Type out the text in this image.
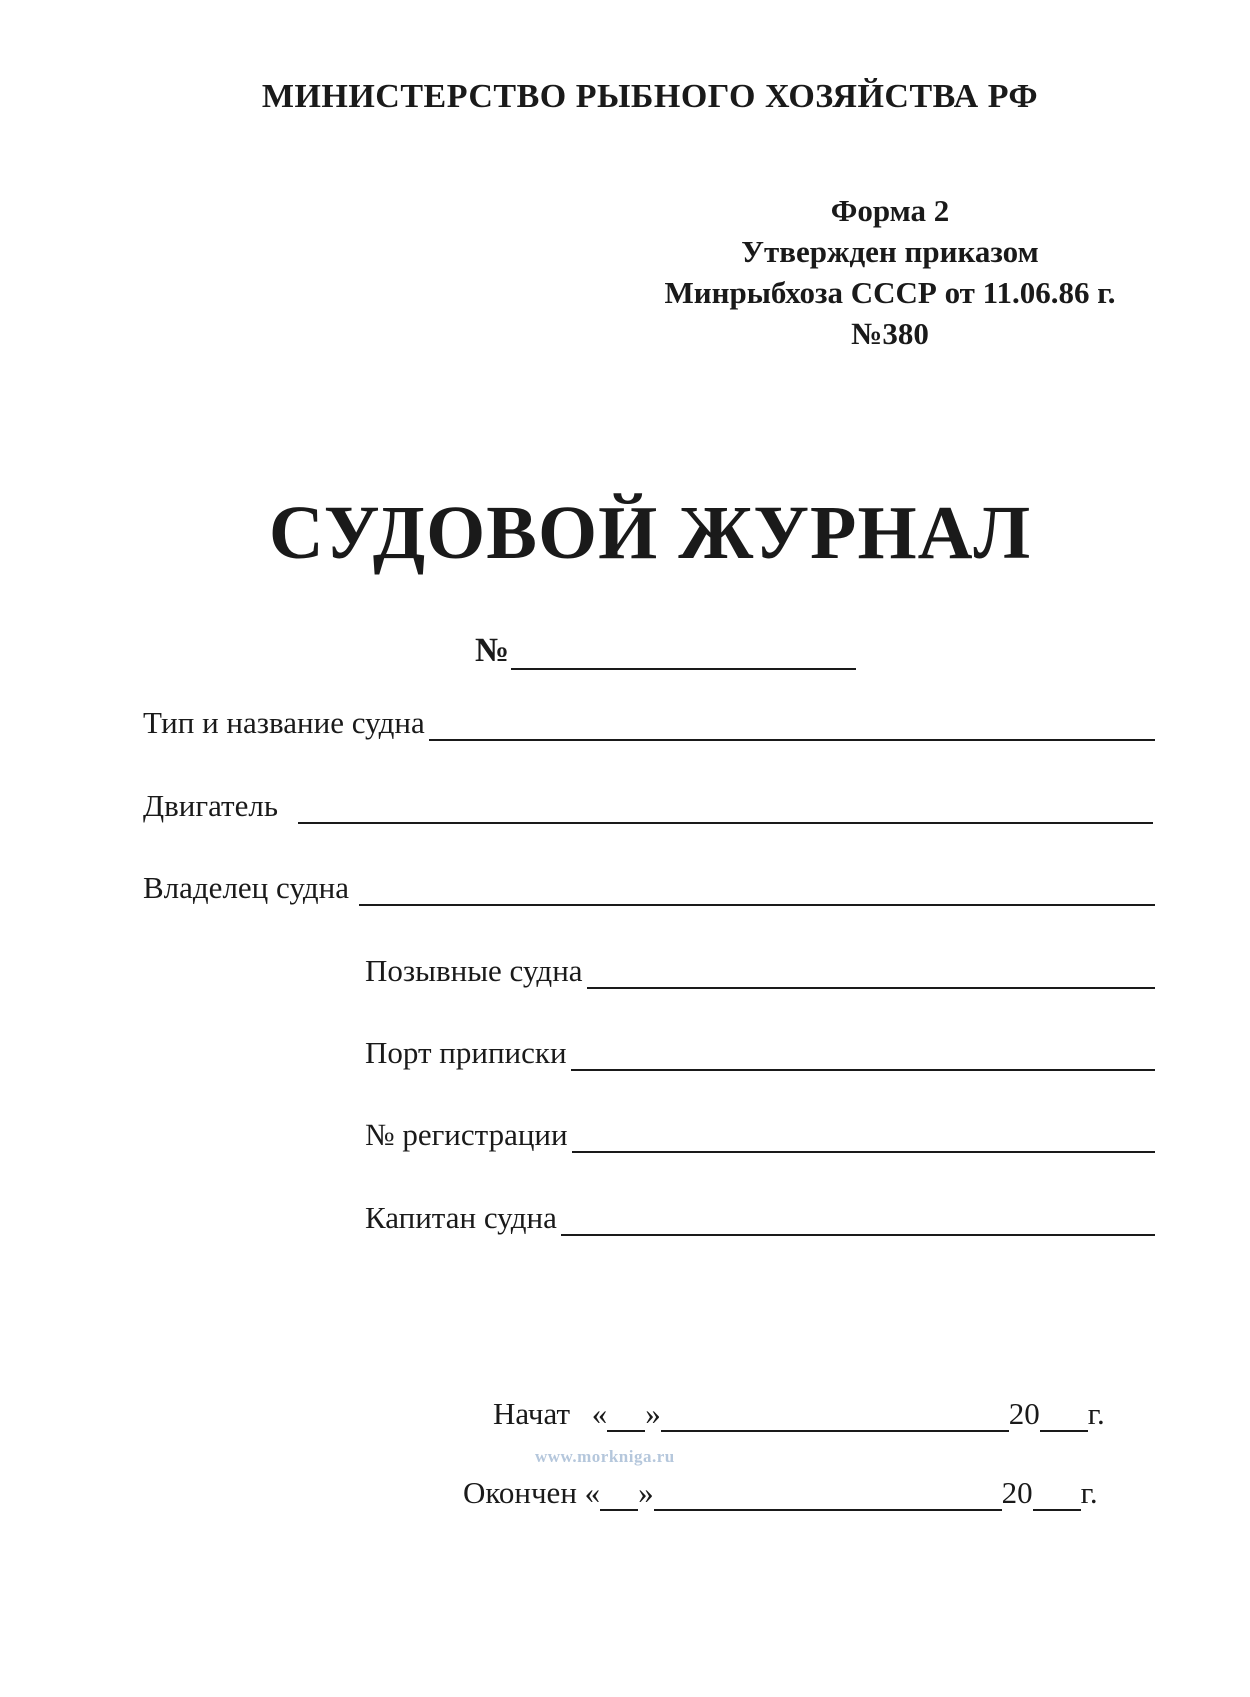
МИНИСТЕРСТВО РЫБНОГО ХОЗЯЙСТВА РФ
Форма 2
Утвержден приказом
Минрыбхоза СССР от 11.06.86 г.
№380
СУДОВОЙ ЖУРНАЛ
№
Тип и название судна
Двигатель
Владелец судна
Позывные судна
Порт приписки
№ регистрации
Капитан судна
Начат « »	20 г.
www.morkniga.ru
Окончен « »	20 г.
